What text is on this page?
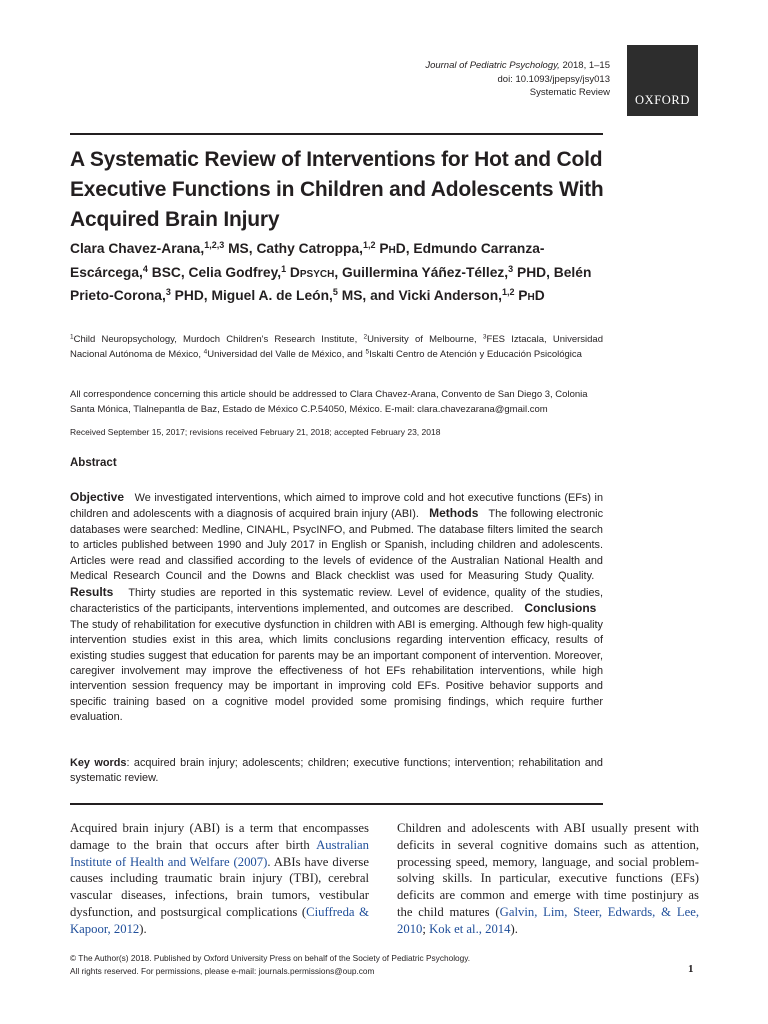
Journal of Pediatric Psychology, 2018, 1–15
doi: 10.1093/jpepsy/jsy013
Systematic Review
OXFORD
A Systematic Review of Interventions for Hot and Cold Executive Functions in Children and Adolescents With Acquired Brain Injury

Clara Chavez-Arana,$^{1,2,3}$ MS, Cathy Catroppa,$^{1,2}$ PhD, Edmundo Carranza-Escárcega,$^4$ BSC, Celia Godfrey,$^1$ Dpsych, Guillermina Yáñez-Téllez,$^3$ PHD, Belén Prieto-Corona,$^3$ PHD, Miguel A. de León,$^5$ MS, and Vicki Anderson,$^{1,2}$ PhD

$^1$Child Neuropsychology, Murdoch Children's Research Institute, $^2$University of Melbourne, $^3$FES Iztacala, Universidad Nacional Autónoma de México, $^4$Universidad del Valle de México, and $^5$Iskalti Centro de Atención y Educación Psicológica

All correspondence concerning this article should be addressed to Clara Chavez-Arana, Convento de San Diego 3, Colonia Santa Mónica, Tlalnepantla de Baz, Estado de México C.P.54050, México. E-mail: clara.chavezarana@gmail.com

Received September 15, 2017; revisions received February 21, 2018; accepted February 23, 2018

Abstract

Objective We investigated interventions, which aimed to improve cold and hot executive functions (EFs) in children and adolescents with a diagnosis of acquired brain injury (ABI). Methods The following electronic databases were searched: Medline, CINAHL, PsycINFO, and Pubmed. The database filters limited the search to articles published between 1990 and July 2017 in English or Spanish, including children and adolescents. Articles were read and classified according to the levels of evidence of the Australian National Health and Medical Research Council and the Downs and Black checklist was used for Measuring Study Quality.   Results Thirty studies are reported in this systematic review. Level of evidence, quality of the studies, characteristics of the participants, interventions implemented, and outcomes are described. Conclusions   The study of rehabilitation for executive dysfunction in children with ABI is emerging. Although few high-quality intervention studies exist in this area, which limits conclusions regarding intervention efficacy, results of existing studies suggest that education for parents may be an important component of intervention. Moreover, caregiver involvement may improve the effectiveness of hot EFs rehabilitation interventions, while high intervention session frequency may be important in improving cold EFs. Positive behavior supports and specific training based on a cognitive model provided some promising findings, which require further evaluation.

Key words: acquired brain injury; adolescents; children; executive functions; intervention; rehabilitation and systematic review.

Acquired brain injury (ABI) is a term that encompasses damage to the brain that occurs after birth Australian Institute of Health and Welfare (2007). ABIs have diverse causes including traumatic brain injury (TBI), cerebral vascular diseases, infections, brain tumors, vestibular dysfunction, and postsurgical complications (Ciuffreda & Kapoor, 2012).

Children and adolescents with ABI usually present with deficits in several cognitive domains such as attention, processing speed, memory, language, and social problem-solving skills. In particular, executive functions (EFs) deficits are common and emerge with time postinjury as the child matures (Galvin, Lim, Steer, Edwards, & Lee, 2010; Kok et al., 2014).

© The Author(s) 2018. Published by Oxford University Press on behalf of the Society of Pediatric Psychology.
All rights reserved. For permissions, please e-mail: journals.permissions@oup.com	1
